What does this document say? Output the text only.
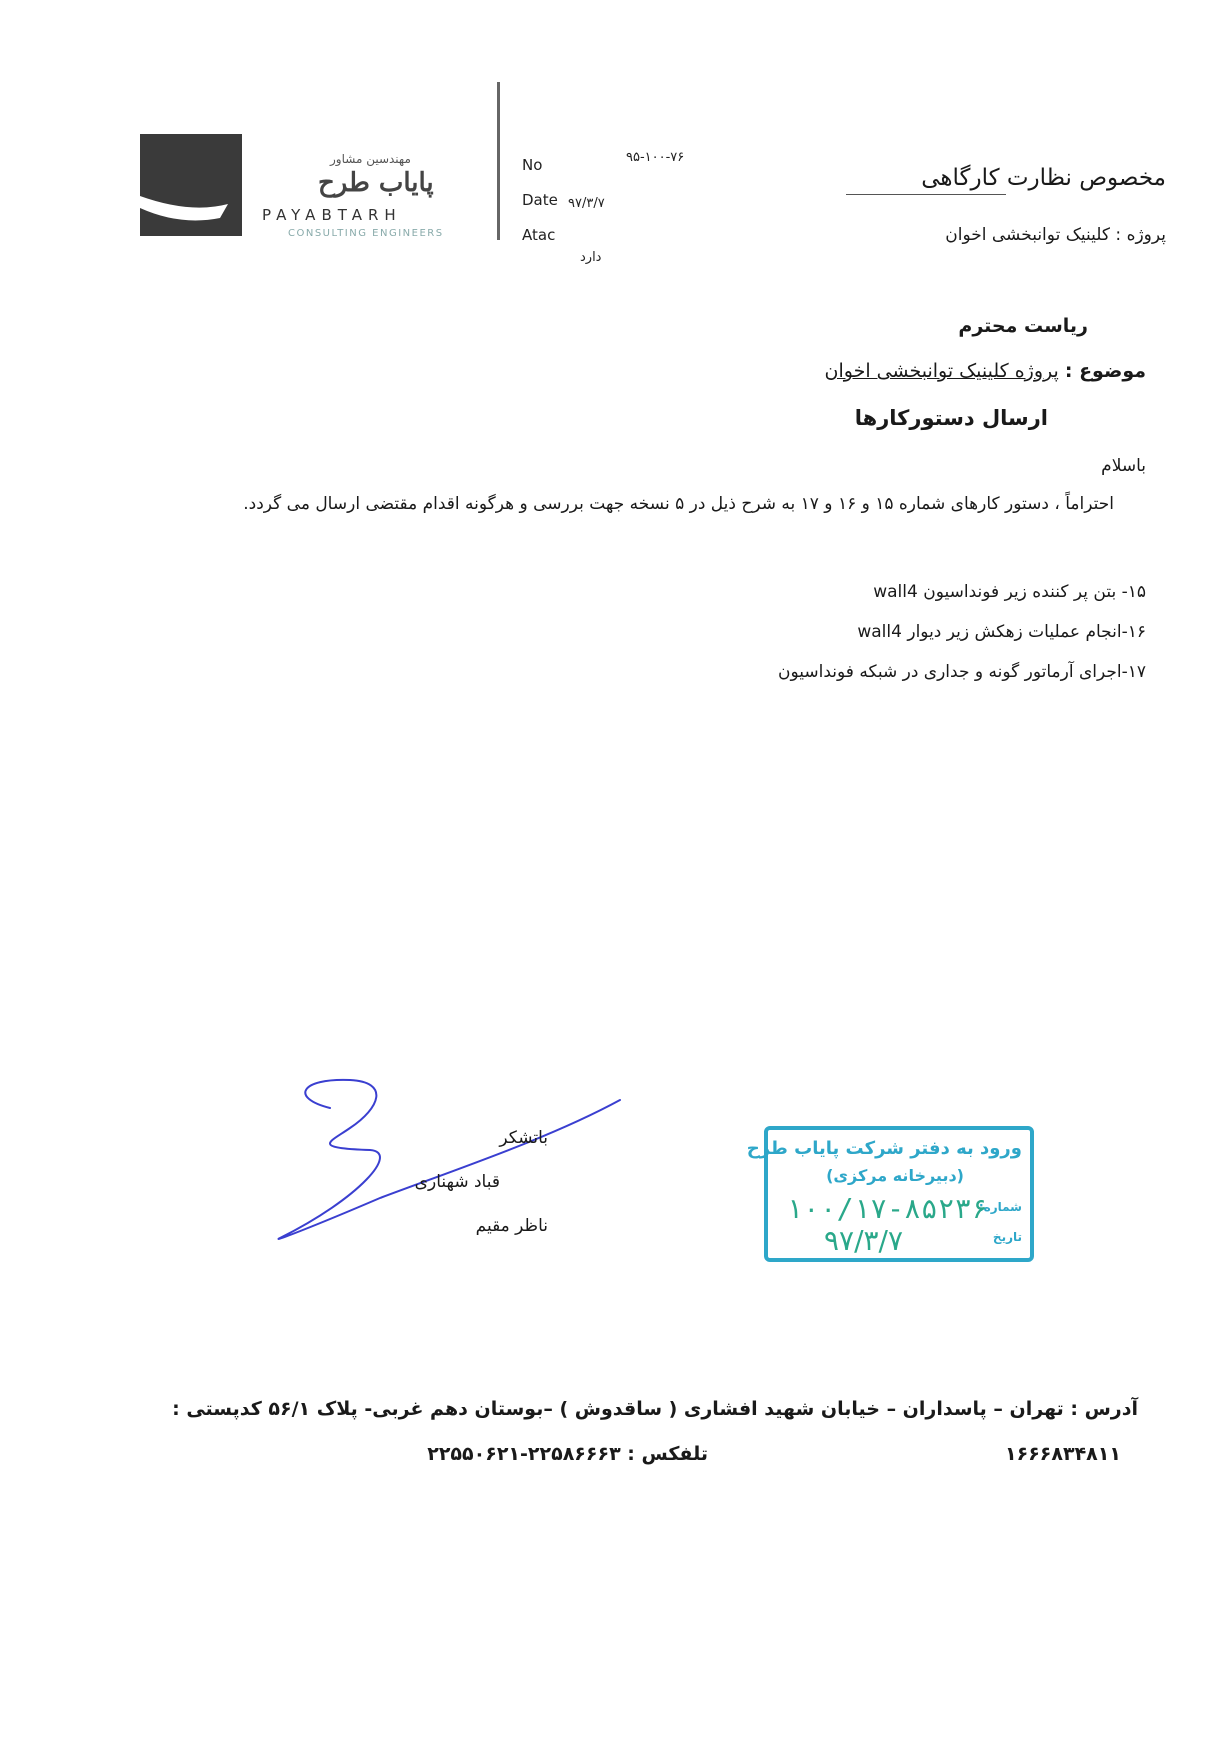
مهندسین مشاور
پایاب طرح
PAYABTARH
CONSULTING ENGINEERS
No	۹۵-۱۰۰-۷۶
Date ۹۷/۳/۷
Atac
دارد
مخصوص نظارت کارگاهی
پروژه : کلینیک توانبخشی اخوان
ریاست محترم
موضوع : پروژه کلینیک توانبخشی اخوان
ارسال دستورکارها
باسلام
احتراماً ، دستور کارهای شماره ۱۵ و ۱۶ و ۱۷ به شرح ذیل در ۵ نسخه جهت بررسی و هرگونه اقدام مقتضی ارسال می گردد.
۱۵- بتن پر کننده زیر فونداسیون wall4
۱۶-انجام عملیات زهکش زیر دیوار wall4
۱۷-اجرای آرماتور گونه و جداری در شبکه فونداسیون
باتشکر
قباد شهناری
ناظر مقیم
ورود به دفتر شرکت پایاب طرح
(دبیرخانه مرکزی)
شماره:
تاریخ
۱۰۰/۱۷-۸۵۲۳۶
۹۷/۳/۷
آدرس : تهران – پاسداران – خیابان شهید افشاری ( ساقدوش ) –بوستان دهم غربی- پلاک ۵۶/۱ کدپستی :
۱۶۶۶۸۳۴۸۱۱
تلفکس : ۲۲۵۸۶۶۶۳-۲۲۵۵۰۶۲۱
